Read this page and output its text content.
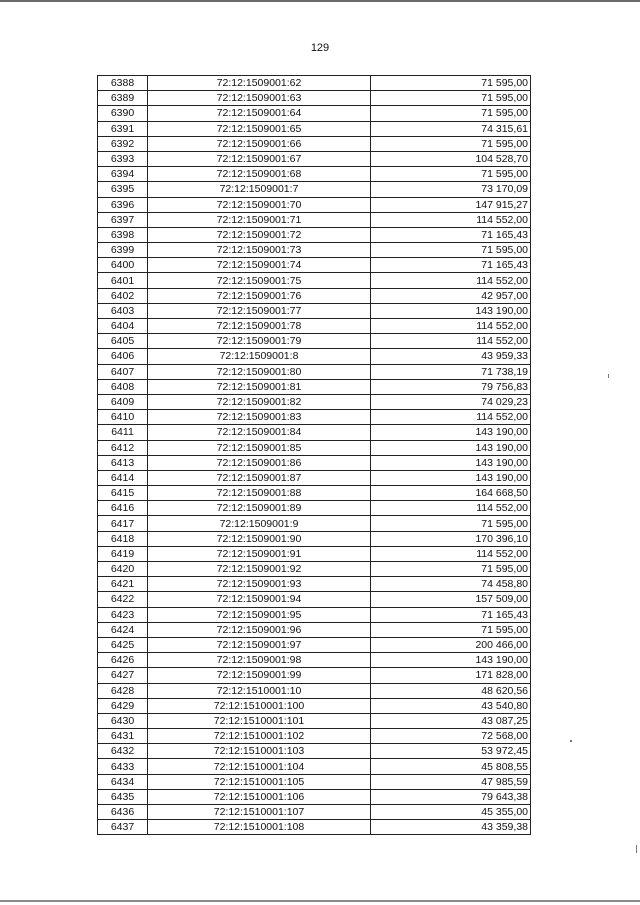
129
6388	72:12:1509001:62	71 595,00
6389	72:12:1509001:63	71 595,00
6390	72:12:1509001:64	71 595,00
6391	72:12:1509001:65	74 315,61
6392	72:12:1509001:66	71 595,00
6393	72:12:1509001:67	104 528,70
6394	72:12:1509001:68	71 595,00
6395	72:12:1509001:7	73 170,09
6396	72:12:1509001:70	147 915,27
6397	72:12:1509001:71	114 552,00
6398	72:12:1509001:72	71 165,43
6399	72:12:1509001:73	71 595,00
6400	72:12:1509001:74	71 165,43
6401	72:12:1509001:75	114 552,00
6402	72:12:1509001:76	42 957,00
6403	72:12:1509001:77	143 190,00
6404	72:12:1509001:78	114 552,00
6405	72:12:1509001:79	114 552,00
6406	72:12:1509001:8	43 959,33
6407	72:12:1509001:80	71 738,19
6408	72:12:1509001:81	79 756,83
6409	72:12:1509001:82	74 029,23
6410	72:12:1509001:83	114 552,00
6411	72:12:1509001:84	143 190,00
6412	72:12:1509001:85	143 190,00
6413	72:12:1509001:86	143 190,00
6414	72:12:1509001:87	143 190,00
6415	72:12:1509001:88	164 668,50
6416	72:12:1509001:89	114 552,00
6417	72:12:1509001:9	71 595,00
6418	72:12:1509001:90	170 396,10
6419	72:12:1509001:91	114 552,00
6420	72:12:1509001:92	71 595,00
6421	72:12:1509001:93	74 458,80
6422	72:12:1509001:94	157 509,00
6423	72:12:1509001:95	71 165,43
6424	72:12:1509001:96	71 595,00
6425	72:12:1509001:97	200 466,00
6426	72:12:1509001:98	143 190,00
6427	72:12:1509001:99	171 828,00
6428	72:12:1510001:10	48 620,56
6429	72:12:1510001:100	43 540,80
6430	72:12:1510001:101	43 087,25
6431	72:12:1510001:102	72 568,00
6432	72:12:1510001:103	53 972,45
6433	72:12:1510001:104	45 808,55
6434	72:12:1510001:105	47 985,59
6435	72:12:1510001:106	79 643,38
6436	72:12:1510001:107	45 355,00
6437	72:12:1510001:108	43 359,38
